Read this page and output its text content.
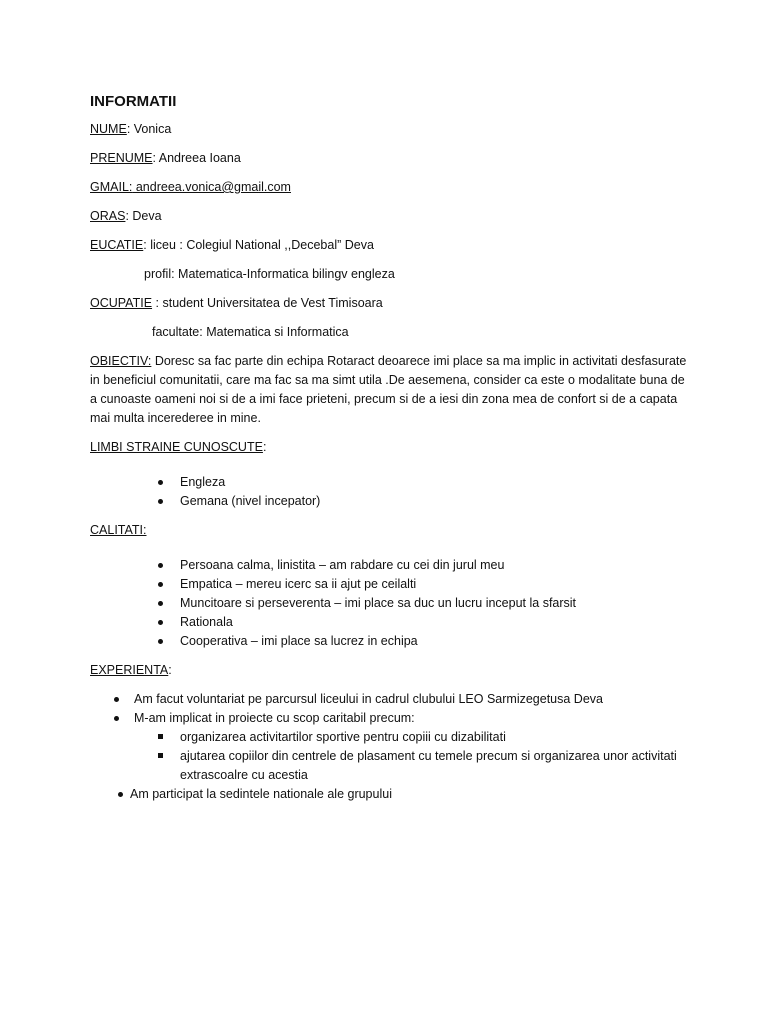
INFORMATII

NUME: Vonica

PRENUME: Andreea Ioana

GMAIL: andreea.vonica@gmail.com

ORAS: Deva

EUCATIE: liceu : Colegiul National ,,Decebal” Deva

profil: Matematica-Informatica bilingv engleza

OCUPATIE : student Universitatea de Vest Timisoara

facultate: Matematica si Informatica

OBIECTIV: Doresc sa fac parte din echipa Rotaract deoarece imi place sa ma implic in activitati desfasurate in beneficiul comunitatii, care ma fac sa ma simt utila .De aesemena, consider ca este o modalitate buna de a cunoaste oameni noi si de a imi face prieteni, precum si de a iesi din zona mea de confort si de a capata mai multa incerederee in mine.

LIMBI STRAINE CUNOSCUTE:

Engleza
Gemana (nivel incepator)

CALITATI:

Persoana calma, linistita – am rabdare cu cei din jurul meu
Empatica – mereu icerc sa ii ajut pe ceilalti
Muncitoare si perseverenta – imi place sa duc un lucru inceput la sfarsit
Rationala
Cooperativa – imi place sa lucrez in echipa

EXPERIENTA:

Am facut voluntariat pe parcursul liceului in cadrul clubului LEO Sarmizegetusa Deva
M-am implicat in proiecte cu scop caritabil precum:
organizarea activitartilor sportive pentru copiii cu dizabilitati
ajutarea copiilor din centrele de plasament cu temele precum si organizarea unor activitati extrascoalre cu acestia
Am participat la sedintele nationale ale grupului
